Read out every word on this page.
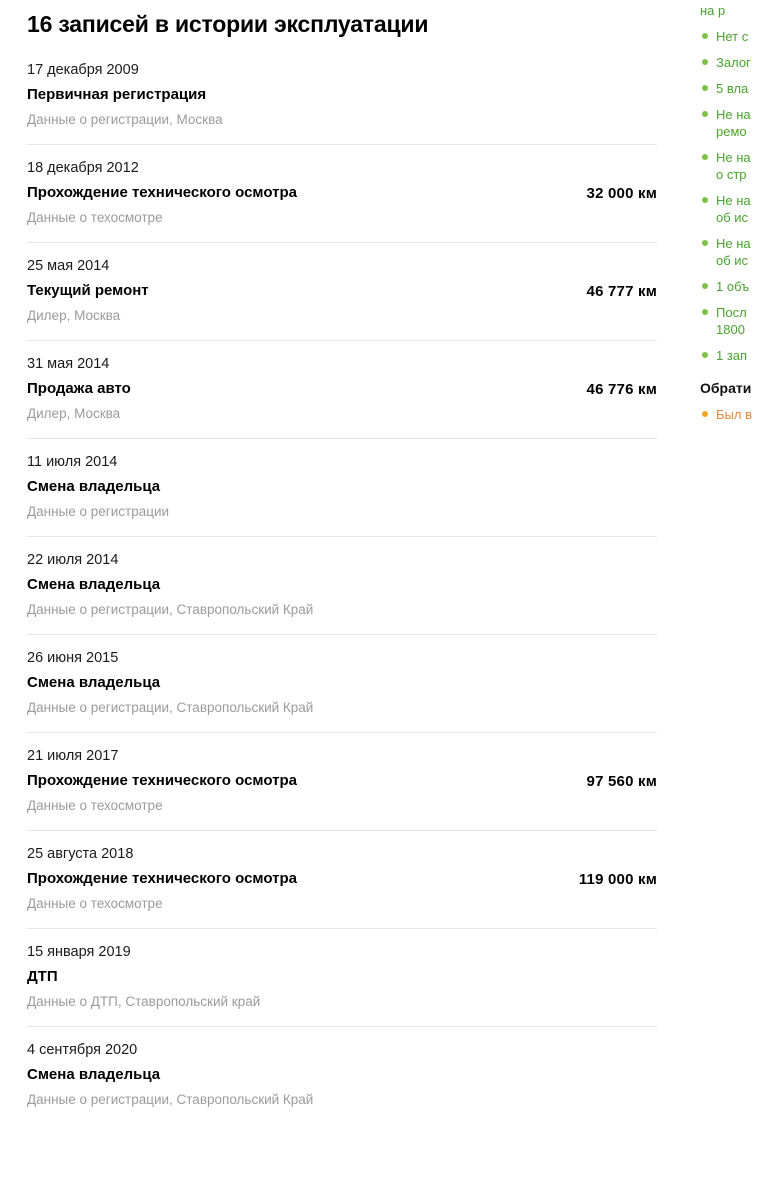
16 записей в истории эксплуатации
17 декабря 2009
Первичная регистрация
Данные о регистрации, Москва
18 декабря 2012
Прохождение технического осмотра
Данные о техосмотре
32 000 км
25 мая 2014
Текущий ремонт
Дилер, Москва
46 777 км
31 мая 2014
Продажа авто
Дилер, Москва
46 776 км
11 июля 2014
Смена владельца
Данные о регистрации
22 июля 2014
Смена владельца
Данные о регистрации, Ставропольский Край
26 июня 2015
Смена владельца
Данные о регистрации, Ставропольский Край
21 июля 2017
Прохождение технического осмотра
Данные о техосмотре
97 560 км
25 августа 2018
Прохождение технического осмотра
Данные о техосмотре
119 000 км
15 января 2019
ДТП
Данные о ДТП, Ставропольский край
4 сентября 2020
Смена владельца
Данные о регистрации, Ставропольский Край
на р
Нет с
Залог
5 вла
Не на
ремо
Не на
о стр
Не на
об ис
Не на
об ис
1 объ
Посл
1800
1 зап
Обрати
Был в
